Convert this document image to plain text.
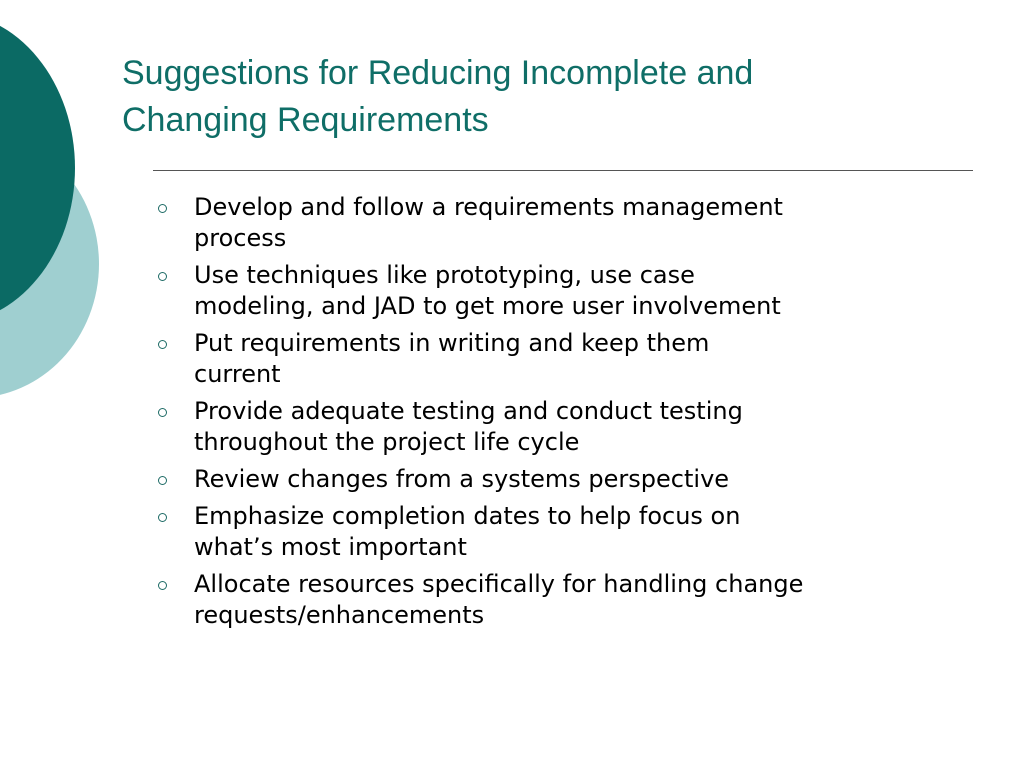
Suggestions for Reducing Incomplete and
Changing Requirements
Develop and follow a requirements management
process
Use techniques like prototyping, use case
modeling, and JAD to get more user involvement
Put requirements in writing and keep them
current
Provide adequate testing and conduct testing
throughout the project life cycle
Review changes from a systems perspective
Emphasize completion dates to help focus on
what’s most important
Allocate resources specifically for handling change
requests/enhancements
